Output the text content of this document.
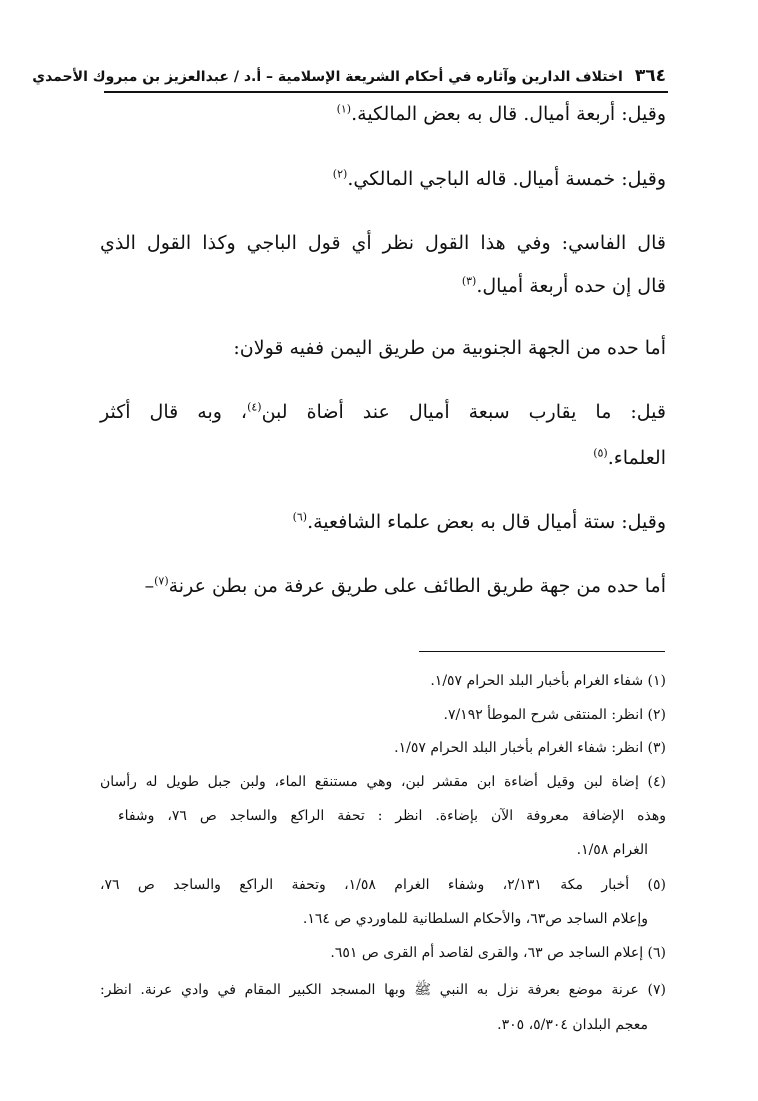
٣٦٤اختلاف الدارين وآثاره في أحكام الشريعة الإسلامية – أ.د / عبدالعزيز بن مبروك الأحمدي
وقيل: أربعة أميال. قال به بعض المالكية.$^{(١)}$
وقيل: خمسة أميال. قاله الباجي المالكي.$^{(٢)}$
قال الفاسي: وفي هذا القول نظر أي قول الباجي وكذا القول الذي
قال إن حده أربعة أميال.$^{(٣)}$
أما حده من الجهة الجنوبية من طريق اليمن ففيه قولان:
قيل: ما يقارب سبعة أميال عند أضاة لبن$^{(٤)}$، وبه قال أكثر
العلماء.$^{(٥)}$
وقيل: ستة أميال قال به بعض علماء الشافعية.$^{(٦)}$
أما حده من جهة طريق الطائف على طريق عرفة من بطن عرنة$^{(٧)}$–
(١) شفاء الغرام بأخبار البلد الحرام ١/٥٧.
(٢) انظر: المنتقى شرح الموطأ ٧/١٩٢.
(٣) انظر: شفاء الغرام بأخبار البلد الحرام ١/٥٧.
(٤) إضاة لبن وقيل أضاءة ابن مقشر لبن، وهي مستنقع الماء، ولبن جبل طويل له رأسان
وهذه الإضافة معروفة الآن بإضاءة. انظر : تحفة الراكع والساجد ص ٧٦، وشفاء
الغرام ١/٥٨.
(٥) أخبار مكة ٢/١٣١، وشفاء الغرام ١/٥٨، وتحفة الراكع والساجد ص ٧٦،
وإعلام الساجد ص٦٣، والأحكام السلطانية للماوردي ص ١٦٤.
(٦) إعلام الساجد ص ٦٣، والقرى لقاصد أم القرى ص ٦٥١.
(٧) عرنة موضع بعرفة نزل به النبي ﷺ وبها المسجد الكبير المقام في وادي عرنة. انظر:
معجم البلدان ٥/٣٠٤، ٣٠٥.
